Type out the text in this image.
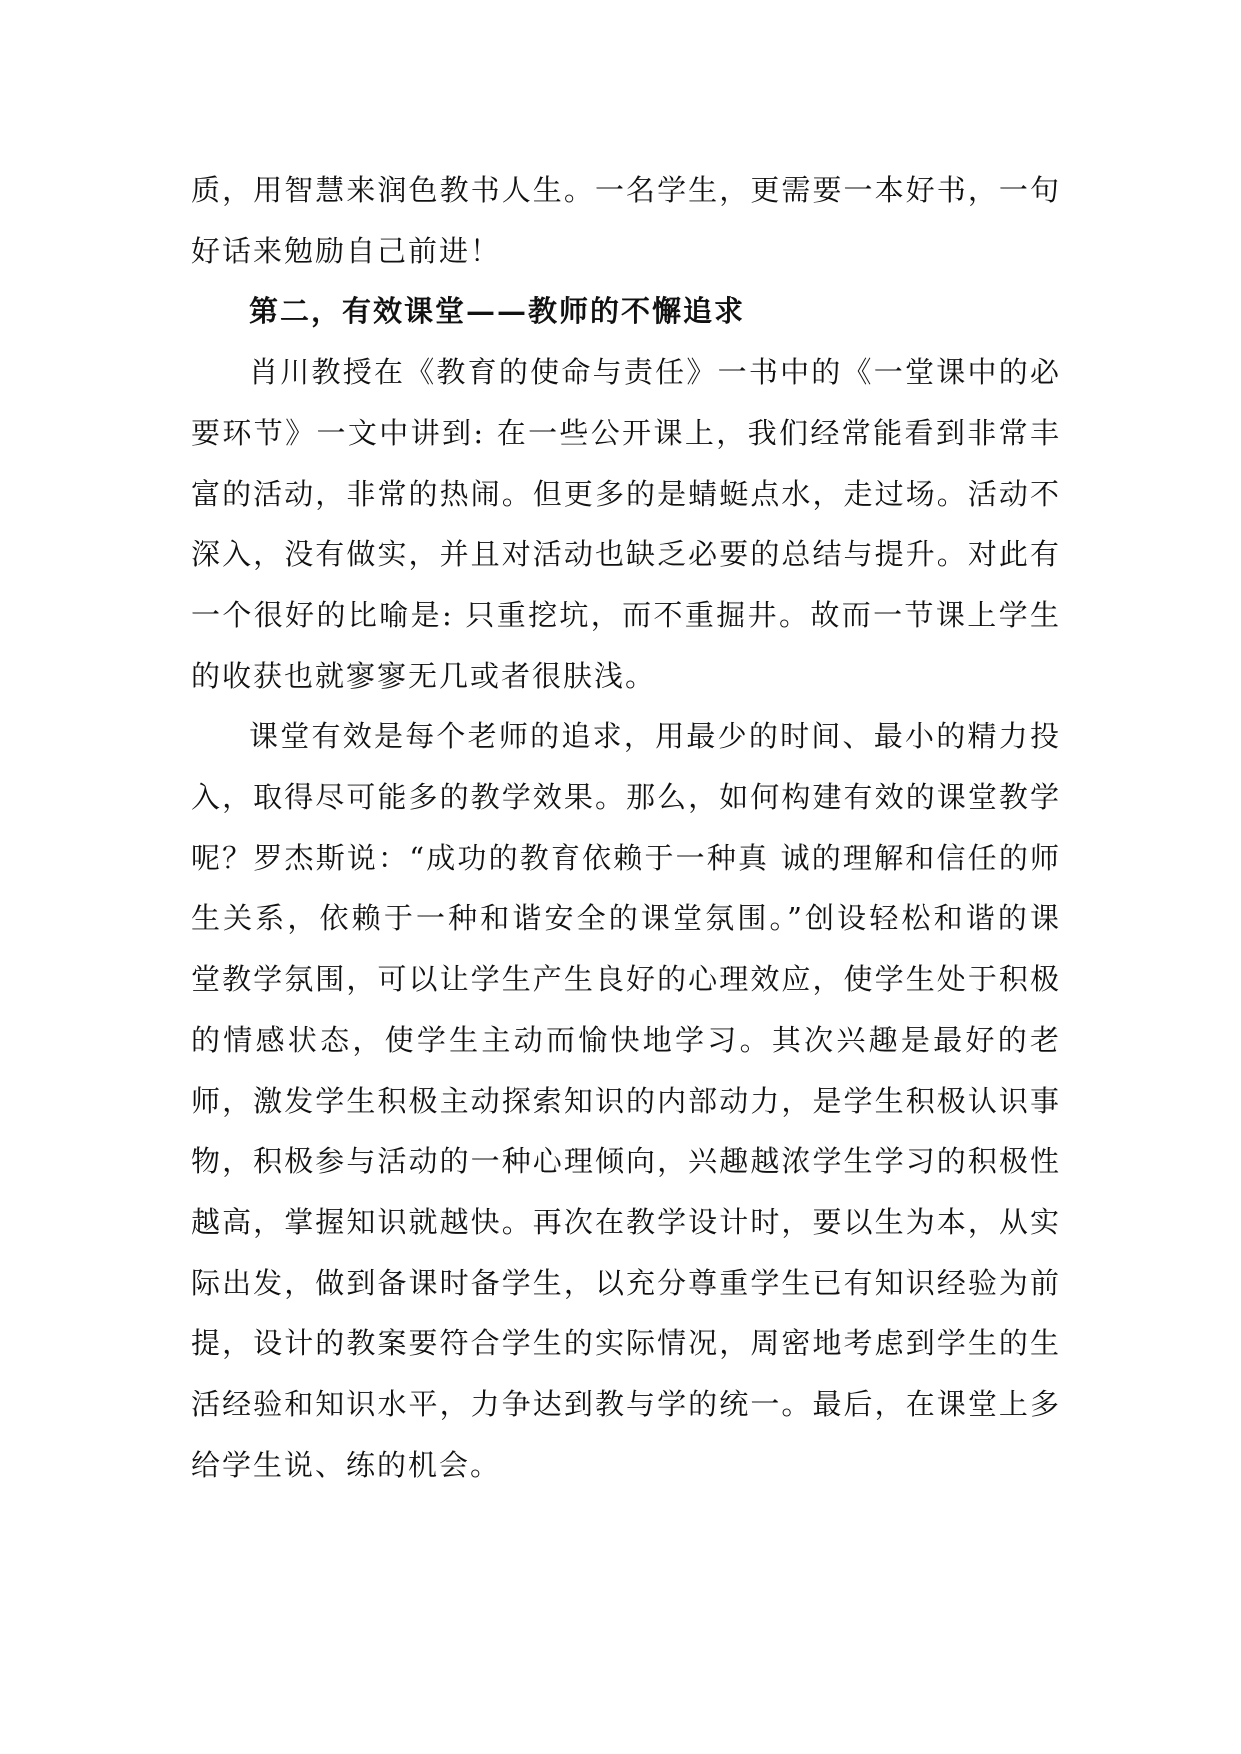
质，用智慧来润色教书人生。一名学生，更需要一本好书，一句好话来勉励自己前进！

第二，有效课堂——教师的不懈追求

肖川教授在《教育的使命与责任》一书中的《一堂课中的必要环节》一文中讲到: 在一些公开课上，我们经常能看到非常丰富的活动，非常的热闹。但更多的是蜻蜓点水，走过场。活动不深入，没有做实，并且对活动也缺乏必要的总结与提升。对此有一个很好的比喻是: 只重挖坑，而不重掘井。故而一节课上学生的收获也就寥寥无几或者很肤浅。

课堂有效是每个老师的追求，用最少的时间、最小的精力投入，取得尽可能多的教学效果。那么，如何构建有效的课堂教学呢？罗杰斯说：“成功的教育依赖于一种真 诚的理解和信任的师生关系，依赖于一种和谐安全的课堂氛围。”创设轻松和谐的课堂教学氛围，可以让学生产生良好的心理效应，使学生处于积极的情感状态，使学生主动而愉快地学习。其次兴趣是最好的老师，激发学生积极主动探索知识的内部动力，是学生积极认识事物，积极参与活动的一种心理倾向，兴趣越浓学生学习的积极性越高，掌握知识就越快。再次在教学设计时，要以生为本，从实际出发，做到备课时备学生，以充分尊重学生已有知识经验为前提，设计的教案要符合学生的实际情况，周密地考虑到学生的生活经验和知识水平，力争达到教与学的统一。最后，在课堂上多给学生说、练的机会。
